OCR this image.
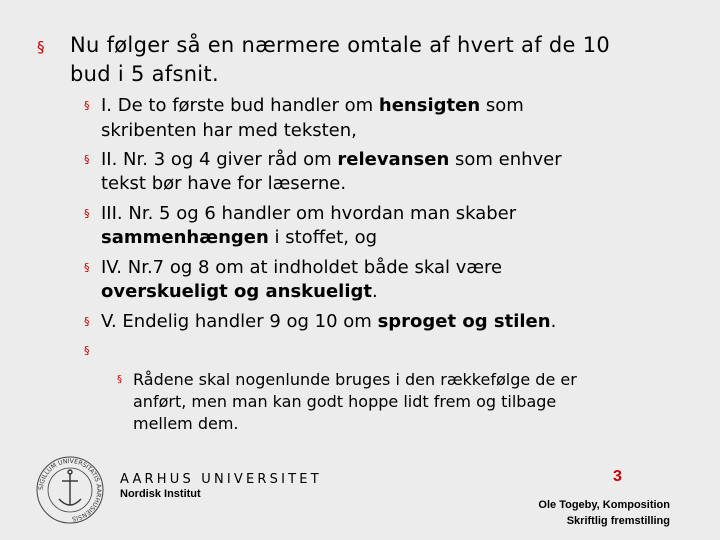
§ Nu følger så en nærmere omtale af hvert af de 10
bud i 5 afsnit.
§ I. De to første bud handler om hensigten som
skribenten har med teksten,
§ II. Nr. 3 og 4 giver råd om relevansen som enhver
tekst bør have for læserne.
§ III. Nr. 5 og 6 handler om hvordan man skaber
sammenhængen i stoffet, og
§ IV. Nr.7 og 8 om at indholdet både skal være
overskueligt og anskueligt.
§ V. Endelig handler 9 og 10 om sproget og stilen.
§
§ Rådene skal nogenlunde bruges i den rækkefølge de er
anført, men man kan godt hoppe lidt frem og tilbage
mellem dem.
SIGILLUM UNIVERSITATIS AARHUSIENSIS
AARHUS UNIVERSITET
Nordisk Institut
3
Ole Togeby, Komposition
Skriftlig fremstilling
